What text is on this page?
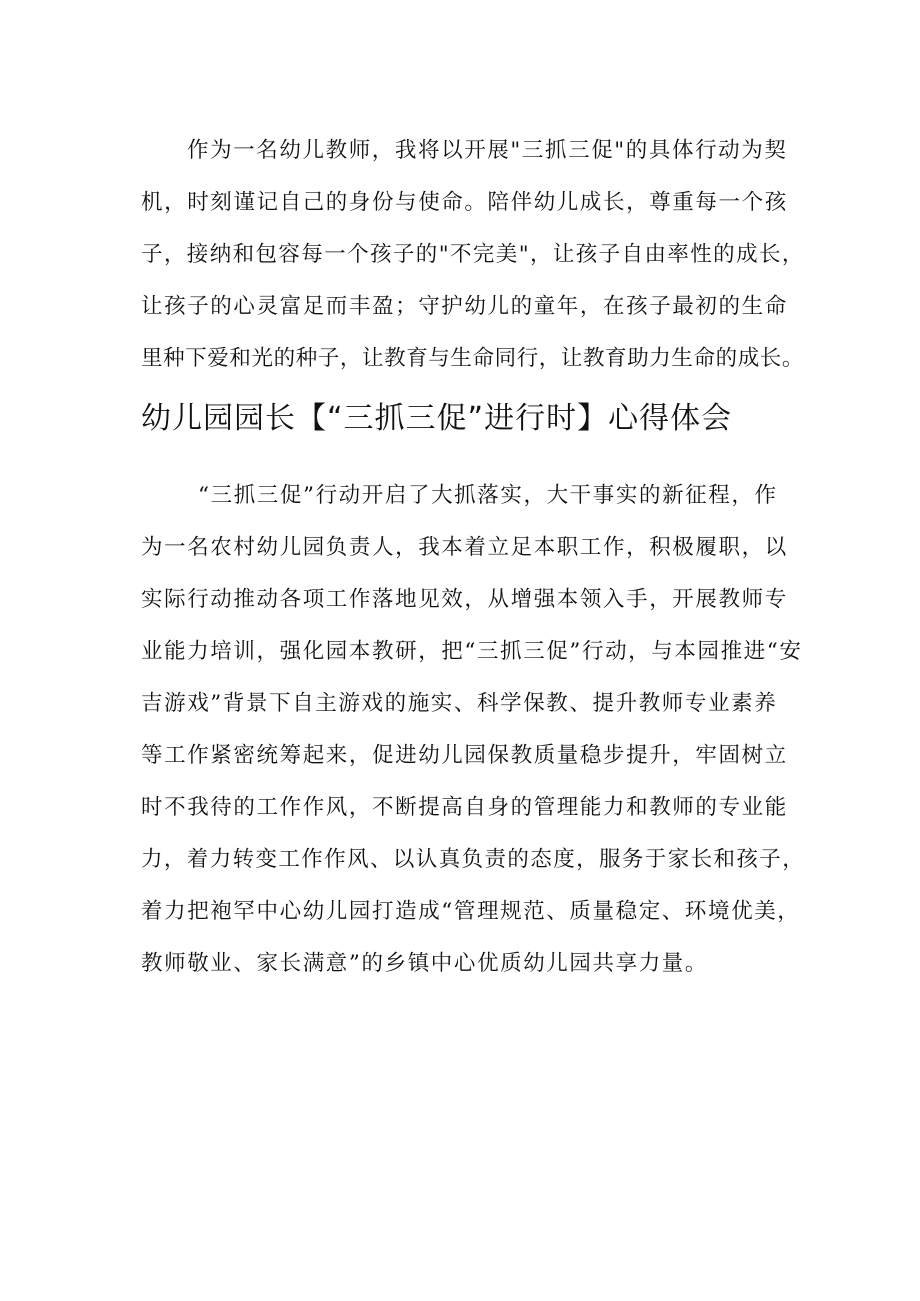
作为一名幼儿教师，我将以开展"三抓三促"的具体行动为契
机，时刻谨记自己的身份与使命。陪伴幼儿成长，尊重每一个孩
子，接纳和包容每一个孩子的"不完美"，让孩子自由率性的成长，
让孩子的心灵富足而丰盈；守护幼儿的童年，在孩子最初的生命
里种下爱和光的种子，让教育与生命同行，让教育助力生命的成长。
幼儿园园长【“三抓三促”进行时】心得体会
“三抓三促”行动开启了大抓落实，大干事实的新征程，作
为一名农村幼儿园负责人，我本着立足本职工作，积极履职，以
实际行动推动各项工作落地见效，从增强本领入手，开展教师专
业能力培训，强化园本教研，把“三抓三促”行动，与本园推进“安
吉游戏”背景下自主游戏的施实、科学保教、提升教师专业素养
等工作紧密统筹起来，促进幼儿园保教质量稳步提升，牢固树立
时不我待的工作作风，不断提高自身的管理能力和教师的专业能
力，着力转变工作作风、以认真负责的态度，服务于家长和孩子，
着力把袍罕中心幼儿园打造成“管理规范、质量稳定、环境优美，
教师敬业、家长满意”的乡镇中心优质幼儿园共享力量。
